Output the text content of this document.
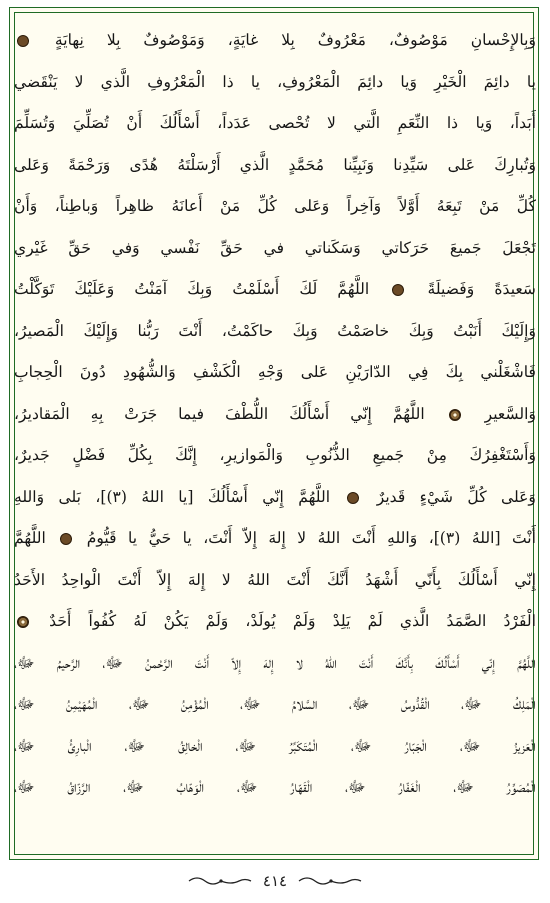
وَبِالإِحْسانِ مَوْصُوفٌ، مَعْرُوفٌ بِلا غايَةٍ، وَمَوْصُوفٌ بِلا نِهايَةٍ
يا دائِمَ الْخَيْرِ وَيا دائِمَ الْمَعْرُوفِ، يا ذا الْمَعْرُوفِ الَّذي لا يَنْقَضي
أَبَداً، وَيا ذا النِّعَمِ الَّتي لا تُحْصى عَدَداً، أَسْأَلُكَ أَنْ تُصَلِّيَ وَتُسَلِّمَ
وَتُبارِكَ عَلى سَيِّدِنا وَنَبِيِّنا مُحَمَّدٍ الَّذي أَرْسَلْتَهُ هُدًى وَرَحْمَةً وَعَلى
كُلِّ مَنْ تَبِعَهُ أَوَّلاً وَآخِراً وَعَلى كُلِّ مَنْ أَعانَهُ ظاهِراً وَباطِناً، وَأَنْ
تَجْعَلَ جَميعَ حَرَكاتي وَسَكَناتي في حَقِّ نَفْسي وَفي حَقِّ غَيْري
سَعيدَةً وَفَضيلَةً  اللَّهُمَّ لَكَ أَسْلَمْتُ وَبِكَ آمَنْتُ وَعَلَيْكَ تَوَكَّلْتُ
وَإِلَيْكَ أَنَبْتُ وَبِكَ خاصَمْتُ وَبِكَ حاكَمْتُ، أَنْتَ رَبُّنا وَإِلَيْكَ الْمَصيرُ،
فَاشْغَلْني بِكَ فِي الدّارَيْنِ عَلى وَجْهِ الْكَشْفِ وَالشُّهُودِ دُونَ الْحِجابِ
وَالسَّعيرِ  اللَّهُمَّ إِنّي أَسْأَلُكَ اللُّطْفَ فيما جَرَتْ بِهِ الْمَقاديرُ،
وَأَسْتَغْفِرُكَ مِنْ جَميعِ الذُّنُوبِ وَالْمَوازيرِ، إِنَّكَ بِكُلِّ فَضْلٍ جَديرٌ،
وَعَلى كُلِّ شَيْءٍ قَديرٌ  اللَّهُمَّ إِنّي أَسْأَلُكَ [يا اللهُ (٣)]، بَلى وَاللهِ
أَنْتَ [اللهُ (٣)]، وَاللهِ أَنْتَ اللهُ لا إِلهَ إِلاّ أَنْتَ، يا حَيُّ يا قَيُّومُ  اللَّهُمَّ
إِنّي أَسْأَلُكَ بِأَنّي أَشْهَدُ أَنَّكَ أَنْتَ اللهُ لا إِلهَ إِلاّ أَنْتَ الْواحِدُ الأَحَدُ
الْفَرْدُ الصَّمَدُ الَّذي لَمْ يَلِدْ وَلَمْ يُولَدْ، وَلَمْ يَكُنْ لَهُ كُفُواً أَحَدٌ
اللَّهُمَّ إِنّي أَسْأَلُكَ بِأَنَّكَ أَنْتَ اللهُ لا إِلهَ إِلاّ أَنْتَ الرَّحْمنُ ﷻ، الرَّحيمُ ﷻ،
الْمَلِكُ ﷻ، الْقُدُّوسُ ﷻ، السَّلامُ ﷻ، الْمُؤْمِنُ ﷻ، الْمُهَيْمِنُ ﷻ،
الْعَزيزُ ﷻ، الْجَبّارُ ﷻ، الْمُتَكَبِّرُ ﷻ، الْخالِقُ ﷻ، الْبارِئُ ﷻ،
الْمُصَوِّرُ ﷻ، الْغَفّارُ ﷻ، الْقَهّارُ ﷻ، الْوَهّابُ ﷻ، الرَّزّاقُ ﷻ،
٤١٤
